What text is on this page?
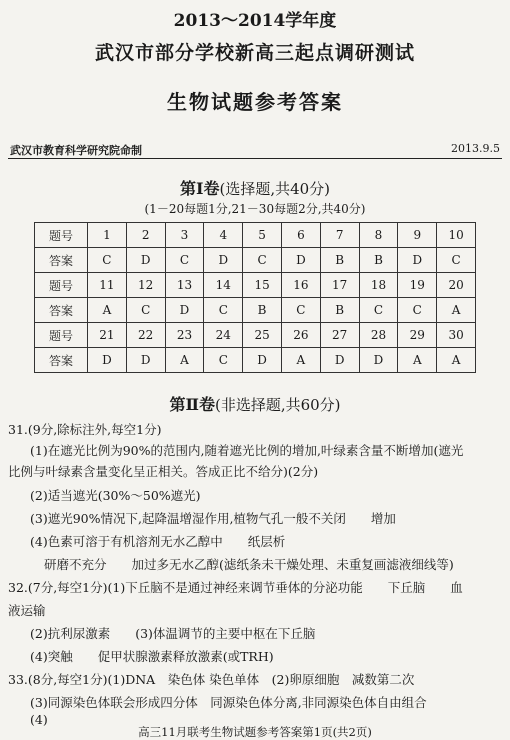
2013～2014学年度
武汉市部分学校新高三起点调研测试
生物试题参考答案
武汉市教育科学研究院命制	2013.9.5
第Ⅰ卷(选择题,共40分)
(1－20每题1分,21－30每题2分,共40分)
题号	1	2	3	4	5	6	7	8	9	10
答案	C	D	C	D	C	D	B	B	D	C
题号	11	12	13	14	15	16	17	18	19	20
答案	A	C	D	C	B	C	B	C	C	A
题号	21	22	23	24	25	26	27	28	29	30
答案	D	D	A	C	D	A	D	D	A	A
第Ⅱ卷(非选择题,共60分)
31.(9分,除标注外,每空1分)
(1)在遮光比例为90%的范围内,随着遮光比例的增加,叶绿素含量不断增加(遮光
比例与叶绿素含量变化呈正相关。答成正比不给分)(2分)
(2)适当遮光(30%～50%遮光)
(3)遮光90%情况下,起降温增湿作用,植物气孔一般不关闭　　增加
(4)色素可溶于有机溶剂无水乙醇中　　纸层析
研磨不充分　　加过多无水乙醇(滤纸条未干燥处理、未重复画滤液细线等)
32.(7分,每空1分)(1)下丘脑不是通过神经来调节垂体的分泌功能　　下丘脑　　血
液运输
(2)抗利尿激素　　(3)体温调节的主要中枢在下丘脑
(4)突触　　促甲状腺激素释放激素(或TRH)
33.(8分,每空1分)(1)DNA　染色体 染色单体　(2)卵原细胞　减数第二次
(3)同源染色体联会形成四分体　同源染色体分离,非同源染色体自由组合
(4)
高三11月联考生物试题参考答案第1页(共2页)
